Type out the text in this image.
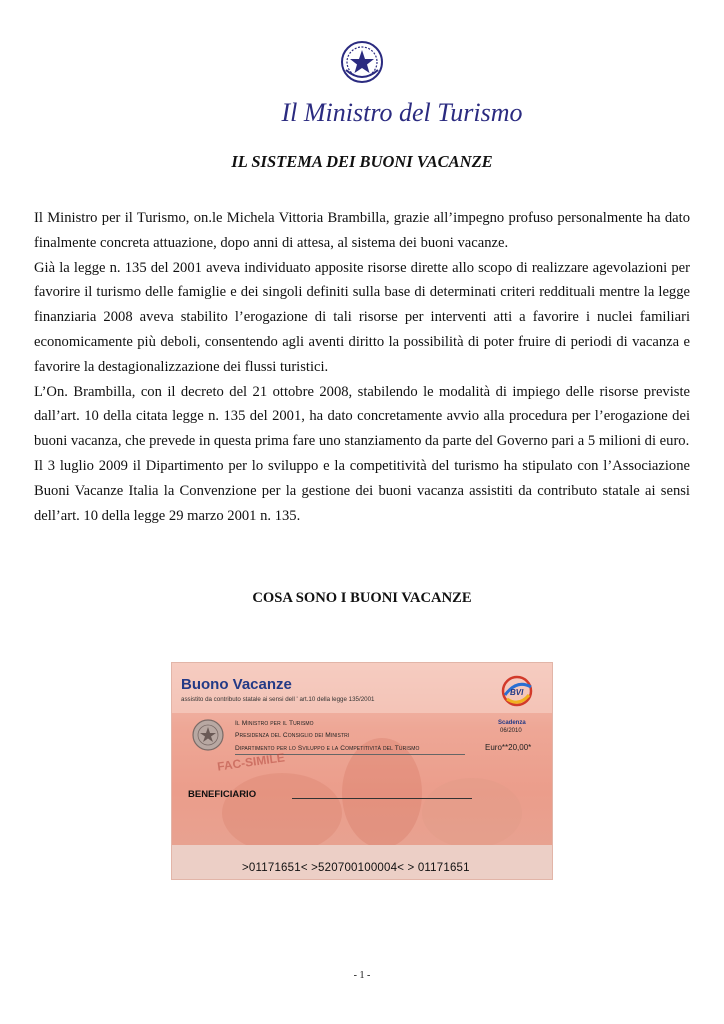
Il Ministro del Turismo
IL SISTEMA DEI BUONI VACANZE

Il Ministro per il Turismo, on.le Michela Vittoria Brambilla, grazie all’impegno profuso personalmente ha dato finalmente concreta attuazione, dopo anni di attesa, al sistema dei buoni vacanze.

Già la legge n. 135 del 2001 aveva individuato apposite risorse dirette allo scopo di realizzare agevolazioni per favorire il turismo delle famiglie e dei singoli definiti sulla base di determinati criteri reddituali mentre la legge finanziaria 2008 aveva stabilito l’erogazione di tali risorse per interventi atti a favorire i nuclei familiari economicamente più deboli, consentendo agli aventi diritto la possibilità di poter fruire di periodi di vacanza e favorire la destagionalizzazione dei flussi turistici.

L’On. Brambilla, con il decreto del 21 ottobre 2008, stabilendo le modalità di impiego delle risorse previste dall’art. 10 della citata legge n. 135 del 2001, ha dato concretamente avvio alla procedura per l’erogazione dei buoni vacanza, che prevede in questa prima fare uno stanziamento da parte del Governo pari a 5 milioni di euro.

Il 3 luglio 2009 il Dipartimento per lo sviluppo e la competitività del turismo ha stipulato con l’Associazione Buoni Vacanze Italia la Convenzione per la gestione dei buoni vacanza assistiti da contributo statale ai sensi dell’art. 10 della legge 29 marzo 2001 n. 135.

COSA SONO I BUONI VACANZE
Buono Vacanze
assistito da contributo statale ai sensi dell ' art.10 della legge 135/2001
Il Ministro per il Turismo
Presidenza del Consiglio dei Ministri
Dipartimento per lo Sviluppo e la Competitività del Turismo
BVI
Scadenza
06/2010
Euro**20,00*
FAC-SIMILE
BENEFICIARIO
>01171651< >520700100004< > 01171651
- 1 -
